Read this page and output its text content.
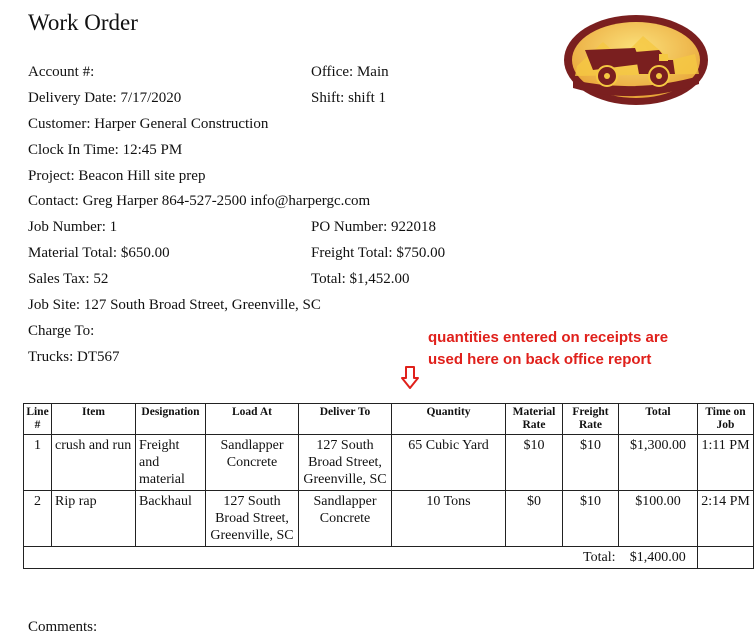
Work Order
Account #:	Office: Main
Delivery Date: 7/17/2020	Shift: shift 1
Customer: Harper General Construction
Clock In Time: 12:45 PM
Project: Beacon Hill site prep
Contact: Greg Harper 864-527-2500 info@harpergc.com
Job Number: 1	PO Number: 922018
Material Total: $650.00	Freight Total: $750.00
Sales Tax: 52	Total: $1,452.00
Job Site: 127 South Broad Street, Greenville, SC
Charge To:
Trucks: DT567
quantities entered on receipts are
used here on back office report
Line #	Item	Designation	Load At	Deliver To	Quantity	Material Rate	Freight Rate	Total	Time on Job
1	crush and run	Freight and material	Sandlapper Concrete	127 South Broad Street, Greenville, SC	65 Cubic Yard	$10	$10	$1,300.00	1:11 PM
2	Rip rap	Backhaul	127 South Broad Street, Greenville, SC	Sandlapper Concrete	10 Tons	$0	$10	$100.00	2:14 PM
Total:								$1,400.00	
Comments:
